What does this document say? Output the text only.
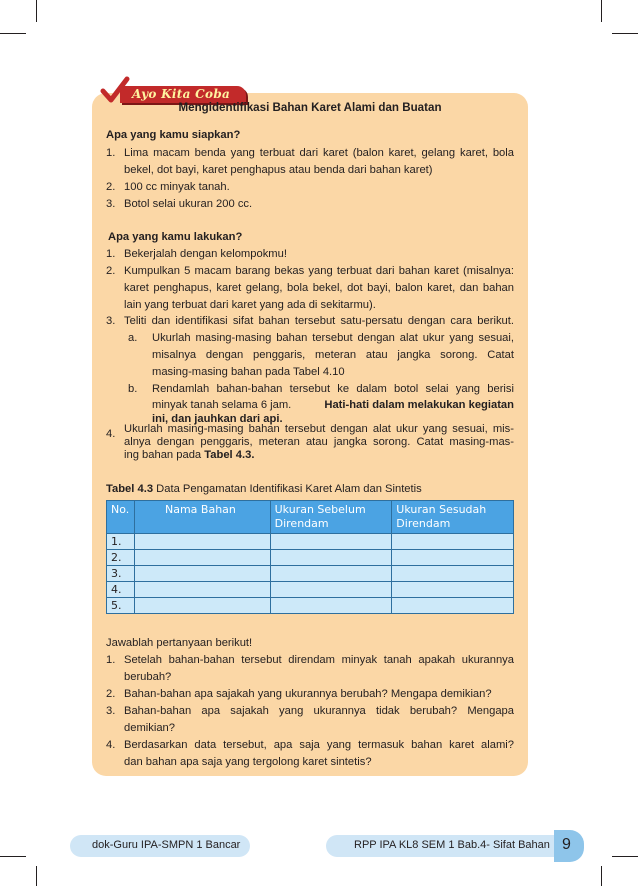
Ayo Kita Coba
Mengidentifikasi Bahan Karet Alami dan Buatan
Apa yang kamu siapkan?
1. Lima macam benda yang terbuat dari karet (balon karet, gelang karet, bola
bekel, dot bayi, karet penghapus atau benda dari bahan karet)
2. 100 cc minyak tanah.
3. Botol selai ukuran 200 cc.
Apa yang kamu lakukan?
1. Bekerjalah dengan kelompokmu!
2. Kumpulkan 5 macam barang bekas yang terbuat dari bahan karet (misalnya:
karet penghapus, karet gelang, bola bekel, dot bayi, balon karet, dan bahan
lain yang terbuat dari karet yang ada di sekitarmu).
3. Teliti dan identifikasi sifat bahan tersebut satu-persatu dengan cara berikut.
a. Ukurlah masing-masing bahan tersebut dengan alat ukur yang sesuai,
misalnya dengan penggaris, meteran atau jangka sorong. Catat
masing-masing bahan pada Tabel 4.10
b. Rendamlah bahan-bahan tersebut ke dalam botol selai yang berisi
minyak tanah selama 6 jam.	Hati-hati dalam melakukan kegiatan
ini, dan jauhkan dari api.
4. Ukurlah masing-masing bahan tersebut dengan alat ukur yang sesuai, mis-
alnya dengan penggaris, meteran atau jangka sorong. Catat masing-mas-
ing bahan pada Tabel 4.3.
Tabel 4.3 Data Pengamatan Identifikasi Karet Alam dan Sintetis
No.	Nama Bahan	Ukuran Sebelum Direndam	Ukuran Sesudah Direndam
1.			
2.			
3.			
4.			
5.			
Jawablah pertanyaan berikut!
1. Setelah bahan-bahan tersebut direndam minyak tanah apakah ukurannya
berubah?
2. Bahan-bahan apa sajakah yang ukurannya berubah? Mengapa demikian?
3. Bahan-bahan apa sajakah yang ukurannya tidak berubah? Mengapa
demikian?
4. Berdasarkan data tersebut, apa saja yang termasuk bahan karet alami?
dan bahan apa saja yang tergolong karet sintetis?
dok-Guru IPA-SMPN 1 Bancar	RPP IPA KL8 SEM 1 Bab.4- Sifat Bahan 9
